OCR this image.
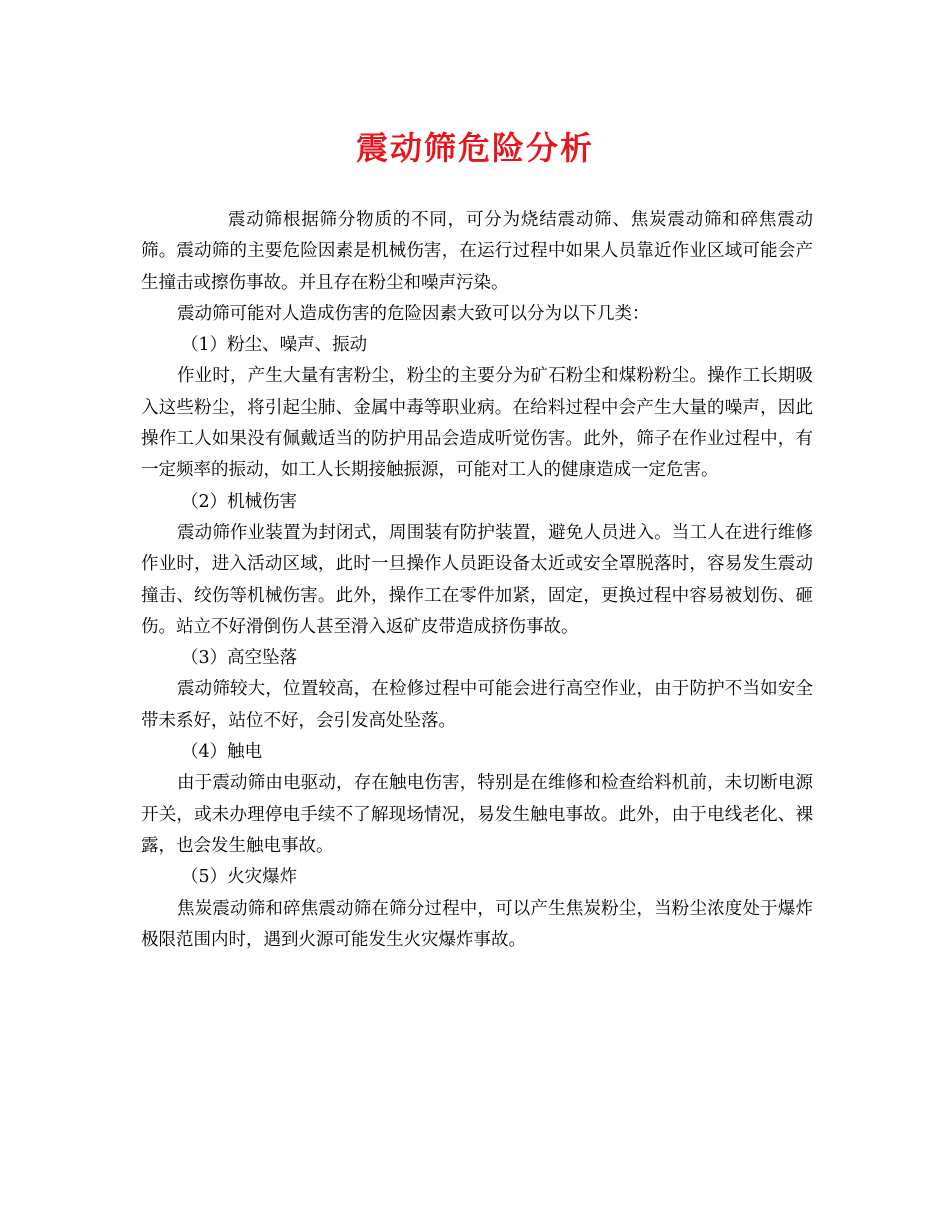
震动筛危险分析

震动筛根据筛分物质的不同，可分为烧结震动筛、焦炭震动筛和碎焦震动筛。震动筛的主要危险因素是机械伤害，在运行过程中如果人员靠近作业区域可能会产生撞击或擦伤事故。并且存在粉尘和噪声污染。

震动筛可能对人造成伤害的危险因素大致可以分为以下几类：

（1）粉尘、噪声、振动

作业时，产生大量有害粉尘，粉尘的主要分为矿石粉尘和煤粉粉尘。操作工长期吸入这些粉尘，将引起尘肺、金属中毒等职业病。在给料过程中会产生大量的噪声，因此操作工人如果没有佩戴适当的防护用品会造成听觉伤害。此外，筛子在作业过程中，有一定频率的振动，如工人长期接触振源，可能对工人的健康造成一定危害。

（2）机械伤害

震动筛作业装置为封闭式，周围装有防护装置，避免人员进入。当工人在进行维修作业时，进入活动区域，此时一旦操作人员距设备太近或安全罩脱落时，容易发生震动撞击、绞伤等机械伤害。此外，操作工在零件加紧，固定，更换过程中容易被划伤、砸伤。站立不好滑倒伤人甚至滑入返矿皮带造成挤伤事故。

（3）高空坠落

震动筛较大，位置较高，在检修过程中可能会进行高空作业，由于防护不当如安全带未系好，站位不好，会引发高处坠落。

（4）触电

由于震动筛由电驱动，存在触电伤害，特别是在维修和检查给料机前，未切断电源开关，或未办理停电手续不了解现场情况，易发生触电事故。此外，由于电线老化、裸露，也会发生触电事故。

（5）火灾爆炸

焦炭震动筛和碎焦震动筛在筛分过程中，可以产生焦炭粉尘，当粉尘浓度处于爆炸极限范围内时，遇到火源可能发生火灾爆炸事故。
